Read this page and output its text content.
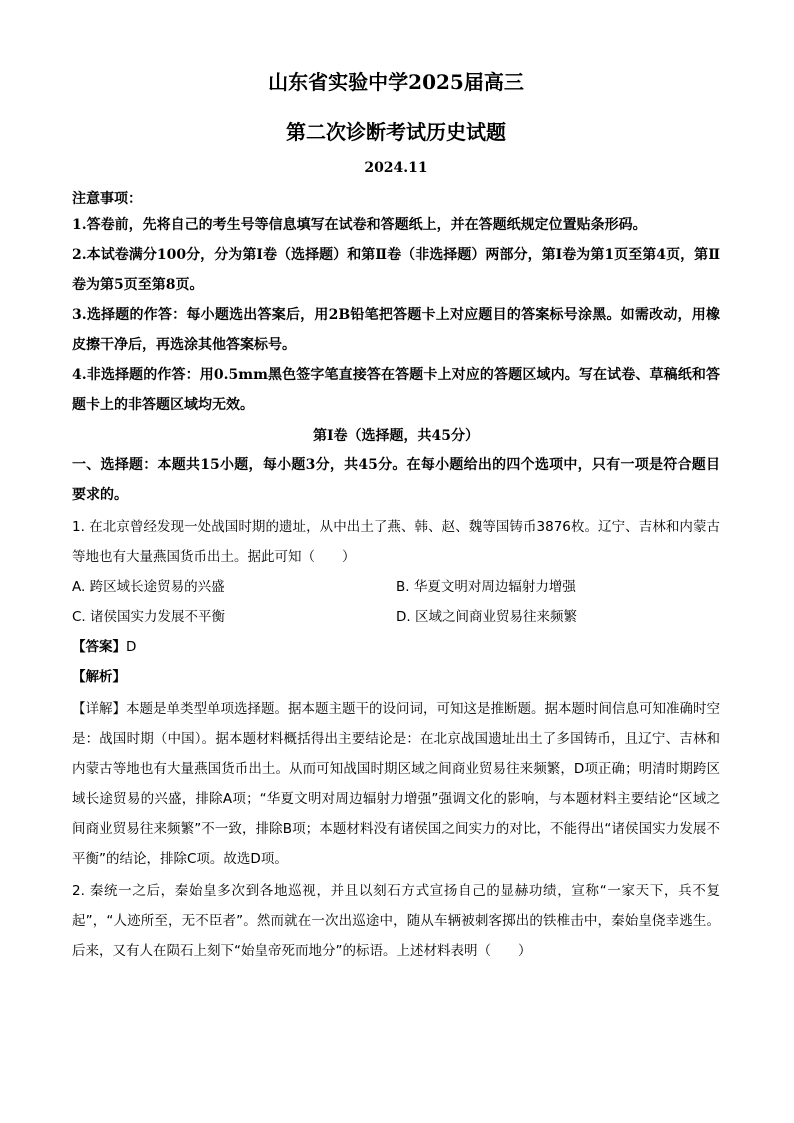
山东省实验中学2025届高三
第二次诊断考试历史试题
2024.11
注意事项：

1.答卷前，先将自己的考生号等信息填写在试卷和答题纸上，并在答题纸规定位置贴条形码。

2.本试卷满分100分，分为第Ⅰ卷（选择题）和第Ⅱ卷（非选择题）两部分，第Ⅰ卷为第1页至第4页，第Ⅱ卷为第5页至第8页。

3.选择题的作答：每小题选出答案后，用2B铅笔把答题卡上对应题目的答案标号涂黑。如需改动，用橡皮擦干净后，再选涂其他答案标号。

4.非选择题的作答：用0.5mm黑色签字笔直接答在答题卡上对应的答题区域内。写在试卷、草稿纸和答题卡上的非答题区域均无效。

第Ⅰ卷（选择题，共45分）

一、选择题：本题共15小题，每小题3分，共45分。在每小题给出的四个选项中，只有一项是符合题目要求的。

1. 在北京曾经发现一处战国时期的遗址，从中出土了燕、韩、赵、魏等国铸币3876枚。辽宁、吉林和内蒙古等地也有大量燕国货币出土。据此可知（　　）

A. 跨区域长途贸易的兴盛	B. 华夏文明对周边辐射力增强
C. 诸侯国实力发展不平衡	D. 区域之间商业贸易往来频繁

【答案】D

【解析】

【详解】本题是单类型单项选择题。据本题主题干的设问词，可知这是推断题。据本题时间信息可知准确时空是：战国时期（中国）。据本题材料概括得出主要结论是：在北京战国遗址出土了多国铸币，且辽宁、吉林和内蒙古等地也有大量燕国货币出土。从而可知战国时期区域之间商业贸易往来频繁，D项正确；明清时期跨区域长途贸易的兴盛，排除A项；“华夏文明对周边辐射力增强”强调文化的影响，与本题材料主要结论“区域之间商业贸易往来频繁”不一致，排除B项；本题材料没有诸侯国之间实力的对比，不能得出“诸侯国实力发展不平衡”的结论，排除C项。故选D项。

2. 秦统一之后，秦始皇多次到各地巡视，并且以刻石方式宣扬自己的显赫功绩，宣称“一家天下，兵不复起”，“人迹所至，无不臣者”。然而就在一次出巡途中，随从车辆被刺客掷出的铁椎击中，秦始皇侥幸逃生。后来，又有人在陨石上刻下“始皇帝死而地分”的标语。上述材料表明（　　）
